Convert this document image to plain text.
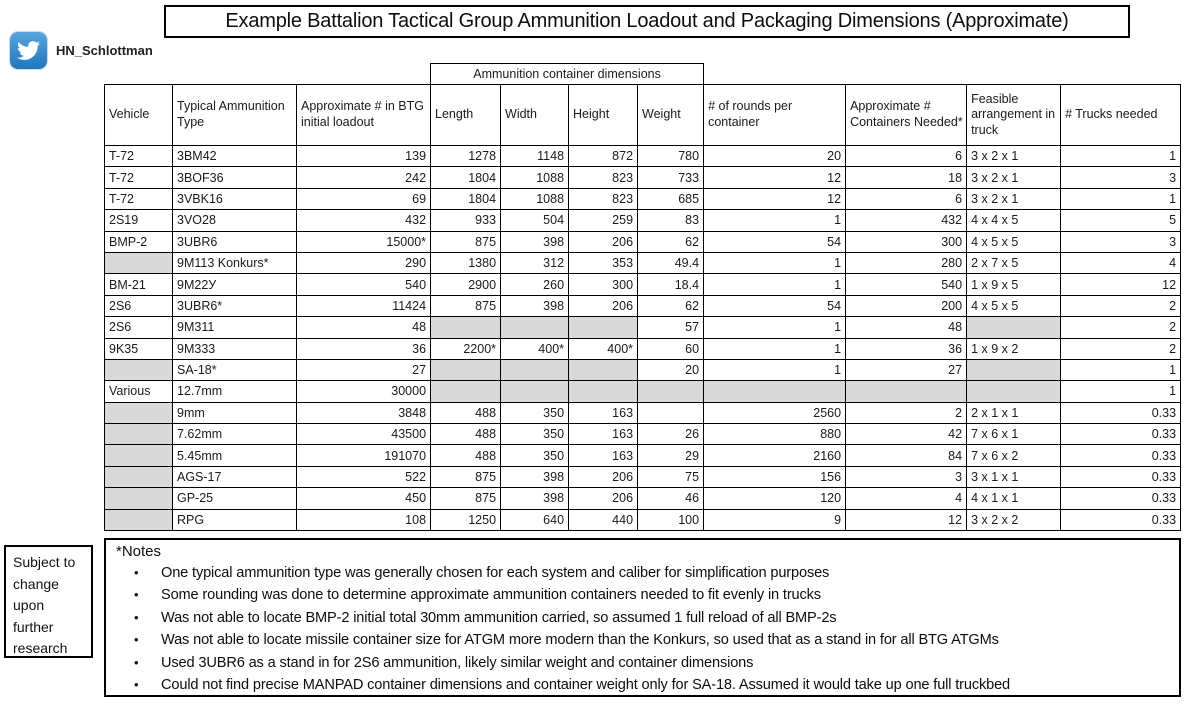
HN_Schlottman
Example Battalion Tactical Group Ammunition Loadout and Packaging Dimensions (Approximate)
			Ammunition container dimensions							
Vehicle	Typical Ammunition Type	Approximate # in BTG initial loadout	Length	Width	Height	Weight	# of rounds per container	Approximate # Containers Needed*	Feasible arrangement in truck	# Trucks needed
T-72	3BM42	139	1278	1148	872	780	20	6	3 x 2 x 1	1
T-72	3BOF36	242	1804	1088	823	733	12	18	3 x 2 x 1	3
T-72	3VBK16	69	1804	1088	823	685	12	6	3 x 2 x 1	1
2S19	3VO28	432	933	504	259	83	1	432	4 x 4 x 5	5
BMP-2	3UBR6	15000*	875	398	206	62	54	300	4 x 5 x 5	3
	9M113 Konkurs*	290	1380	312	353	49.4	1	280	2 x 7 x 5	4
BM-21	9M22У	540	2900	260	300	18.4	1	540	1 x 9 x 5	12
2S6	3UBR6*	11424	875	398	206	62	54	200	4 x 5 x 5	2
2S6	9M311	48				57	1	48		2
9K35	9M333	36	2200*	400*	400*	60	1	36	1 x 9 x 2	2
	SA-18*	27				20	1	27		1
Various	12.7mm	30000								1
	9mm	3848	488	350	163		2560	2	2 x 1 x 1	0.33
	7.62mm	43500	488	350	163	26	880	42	7 x 6 x 1	0.33
	5.45mm	191070	488	350	163	29	2160	84	7 x 6 x 2	0.33
	AGS-17	522	875	398	206	75	156	3	3 x 1 x 1	0.33
	GP-25	450	875	398	206	46	120	4	4 x 1 x 1	0.33
	RPG	108	1250	640	440	100	9	12	3 x 2 x 2	0.33
Subject to change upon further research
*Notes
• One typical ammunition type was generally chosen for each system and caliber for simplification purposes
• Some rounding was done to determine approximate ammunition containers needed to fit evenly in trucks
• Was not able to locate BMP-2 initial total 30mm ammunition carried, so assumed 1 full reload of all BMP-2s
• Was not able to locate missile container size for ATGM more modern than the Konkurs, so used that as a stand in for all BTG ATGMs
• Used 3UBR6 as a stand in for 2S6 ammunition, likely similar weight and container dimensions
• Could not find precise MANPAD container dimensions and container weight only for SA-18. Assumed it would take up one full truckbed
